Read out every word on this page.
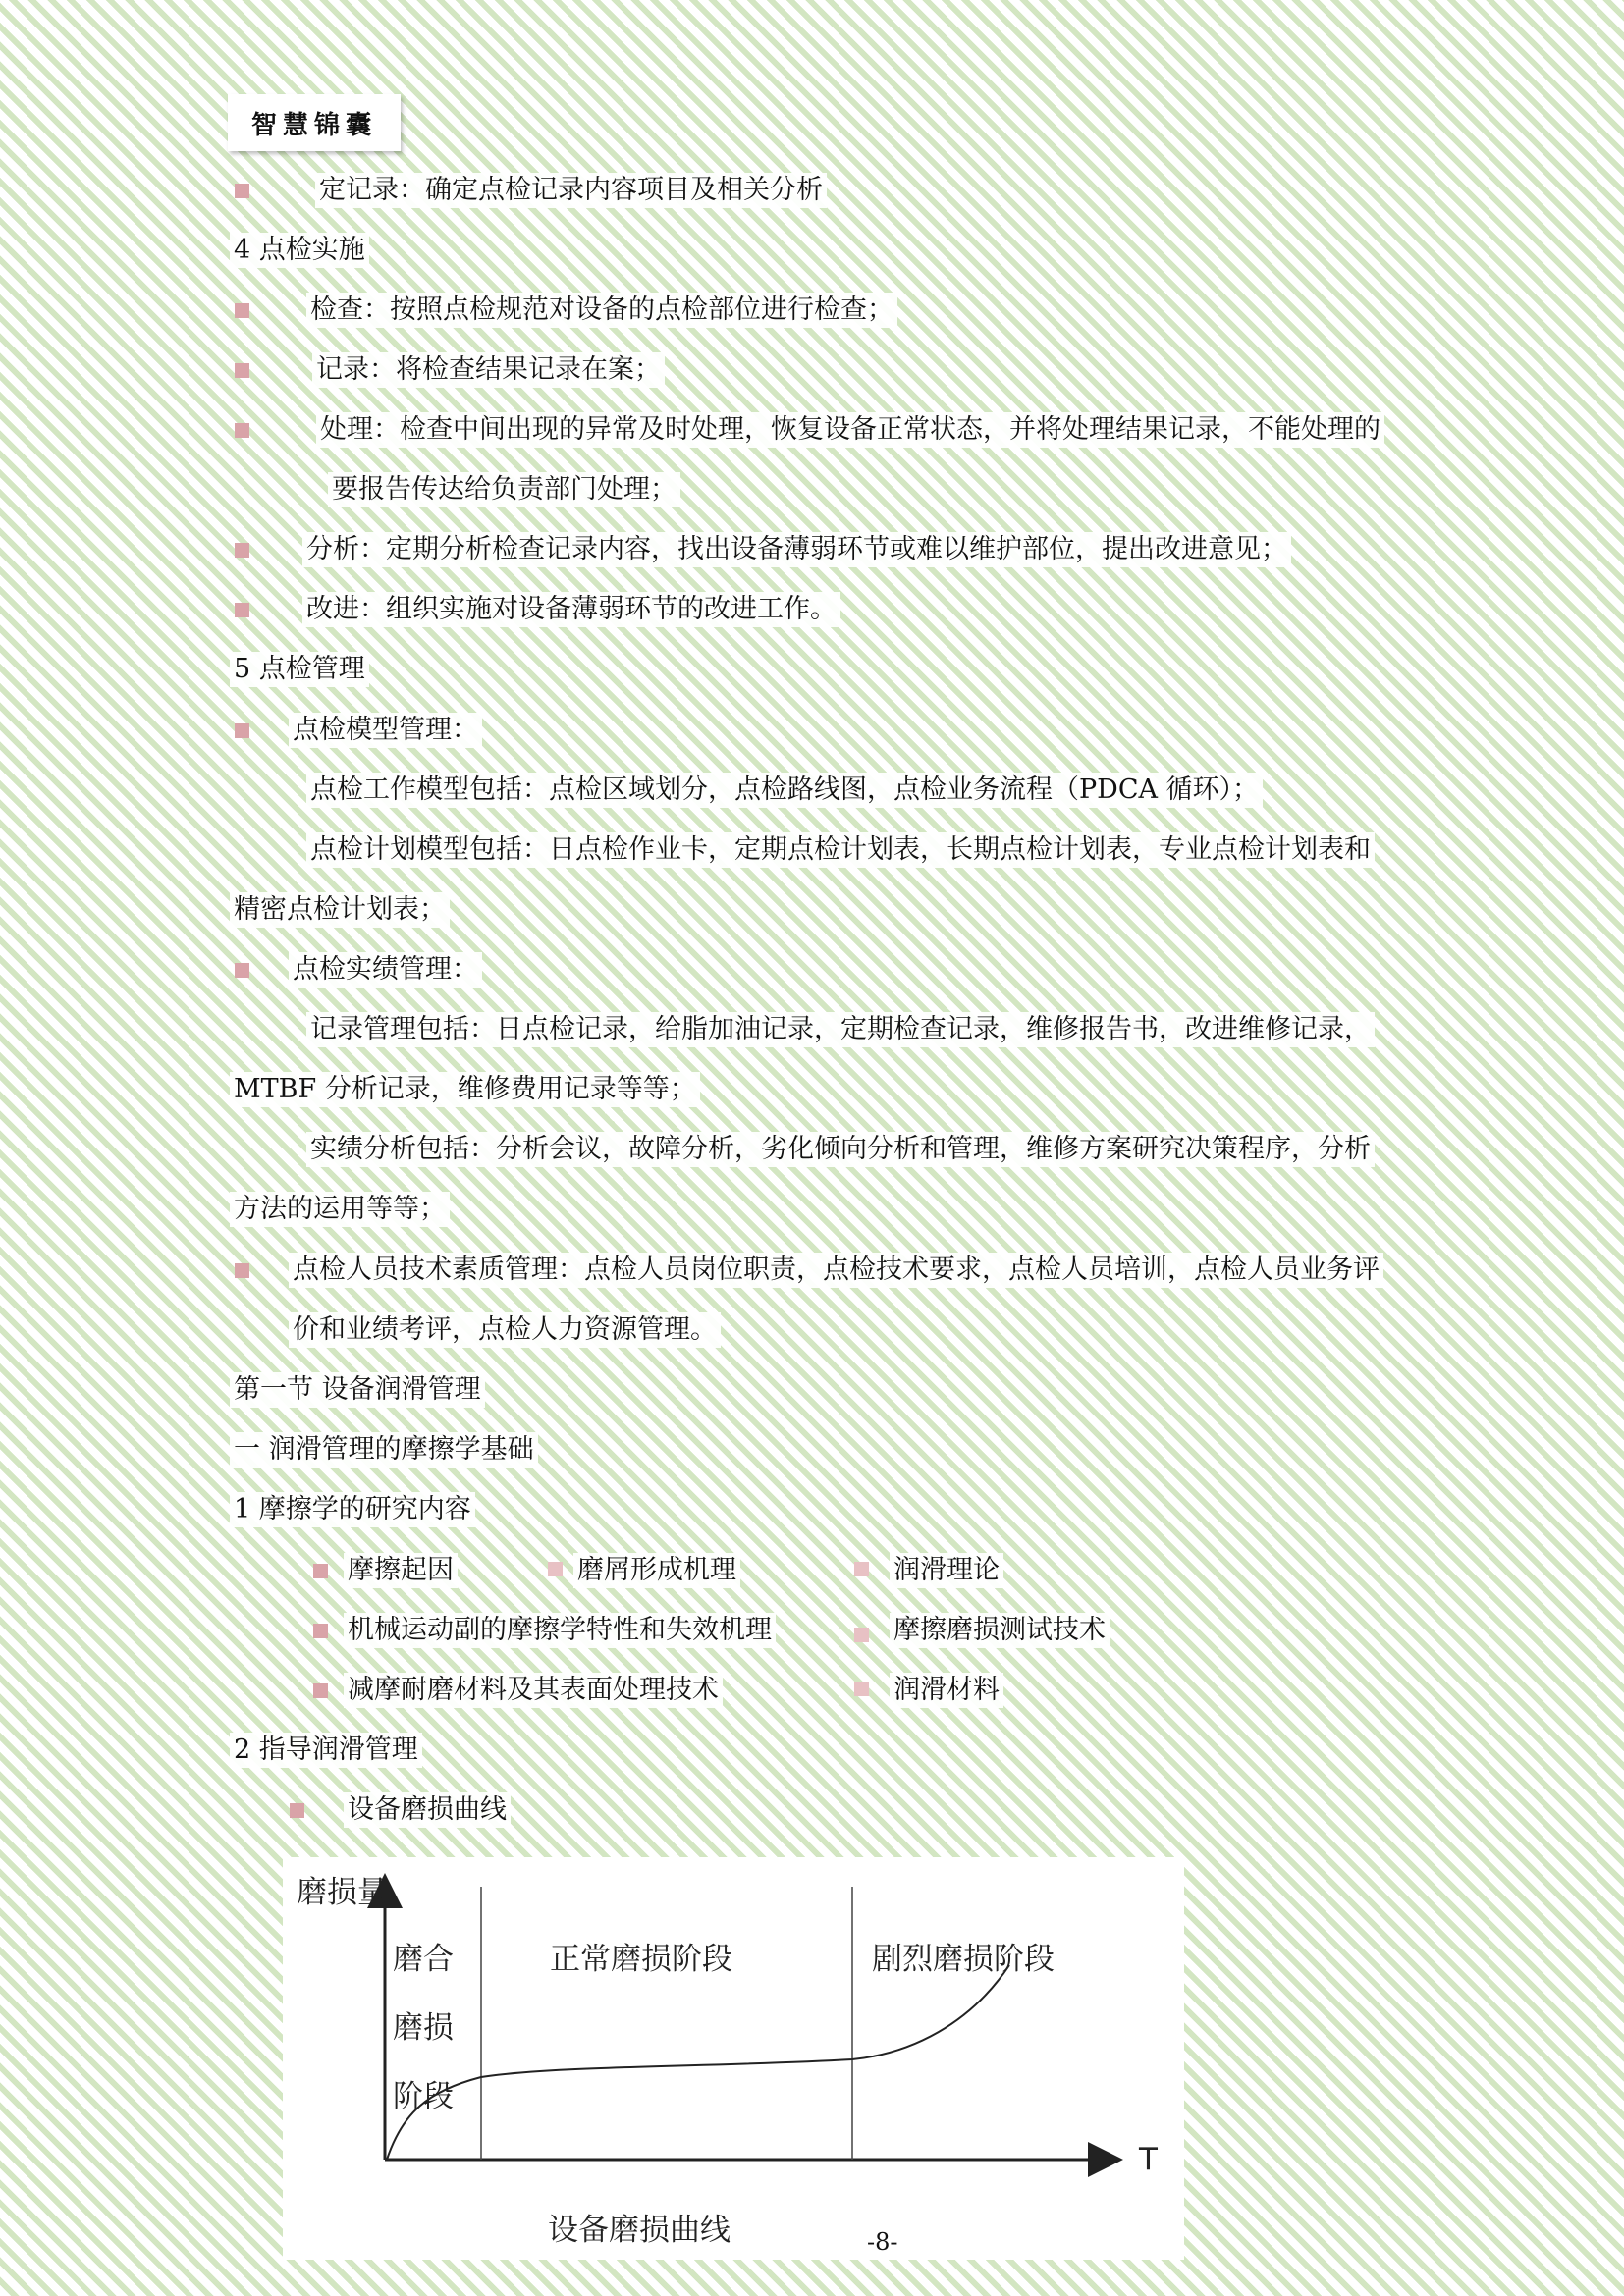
智慧锦囊
定记录：确定点检记录内容项目及相关分析
4 点检实施
检查：按照点检规范对设备的点检部位进行检查；
记录：将检查结果记录在案；
处理：检查中间出现的异常及时处理，恢复设备正常状态，并将处理结果记录，不能处理的
要报告传达给负责部门处理；
分析：定期分析检查记录内容，找出设备薄弱环节或难以维护部位，提出改进意见；
改进：组织实施对设备薄弱环节的改进工作。
5 点检管理
点检模型管理：
点检工作模型包括：点检区域划分，点检路线图，点检业务流程（PDCA 循环）；
点检计划模型包括：日点检作业卡，定期点检计划表，长期点检计划表，专业点检计划表和
精密点检计划表；
点检实绩管理：
记录管理包括：日点检记录，给脂加油记录，定期检查记录，维修报告书，改进维修记录，
MTBF 分析记录，维修费用记录等等；
实绩分析包括：分析会议，故障分析，劣化倾向分析和管理，维修方案研究决策程序，分析
方法的运用等等；
点检人员技术素质管理：点检人员岗位职责，点检技术要求，点检人员培训，点检人员业务评
价和业绩考评，点检人力资源管理。
第一节 设备润滑管理
一 润滑管理的摩擦学基础
1 摩擦学的研究内容
摩擦起因	磨屑形成机理	润滑理论
机械运动副的摩擦学特性和失效机理	摩擦磨损测试技术
减摩耐磨材料及其表面处理技术	润滑材料
2 指导润滑管理
设备磨损曲线
磨损量
T
磨合
磨损
阶段
正常磨损阶段	剧烈磨损阶段
设备磨损曲线	-8-
